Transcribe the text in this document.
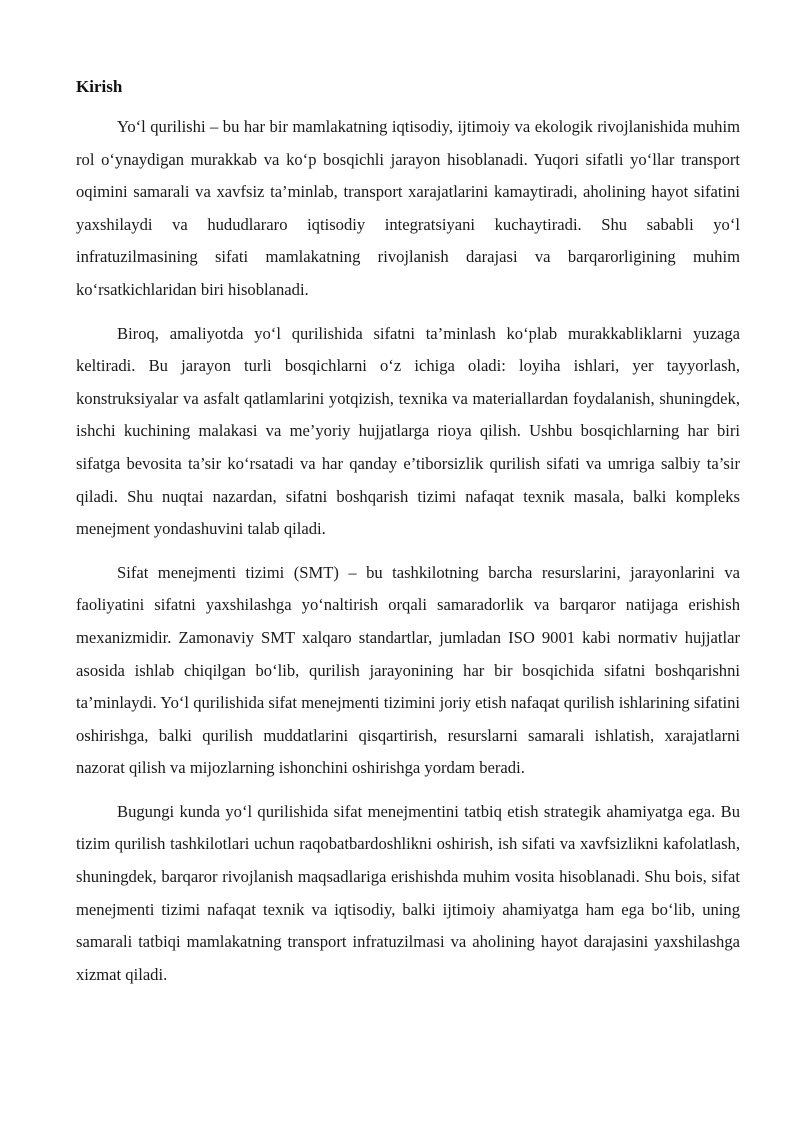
Kirish

Yo‘l qurilishi – bu har bir mamlakatning iqtisodiy, ijtimoiy va ekologik rivojlanishida muhim rol o‘ynaydigan murakkab va ko‘p bosqichli jarayon hisoblanadi. Yuqori sifatli yo‘llar transport oqimini samarali va xavfsiz ta’minlab, transport xarajatlarini kamaytiradi, aholining hayot sifatini yaxshilaydi va hududlararo iqtisodiy integratsiyani kuchaytiradi. Shu sababli yo‘l infratuzilmasining sifati mamlakatning rivojlanish darajasi va barqarorligining muhim ko‘rsatkichlaridan biri hisoblanadi.

Biroq, amaliyotda yo‘l qurilishida sifatni ta’minlash ko‘plab murakkabliklarni yuzaga keltiradi. Bu jarayon turli bosqichlarni o‘z ichiga oladi: loyiha ishlari, yer tayyorlash, konstruksiyalar va asfalt qatlamlarini yotqizish, texnika va materiallardan foydalanish, shuningdek, ishchi kuchining malakasi va me’yoriy hujjatlarga rioya qilish. Ushbu bosqichlarning har biri sifatga bevosita ta’sir ko‘rsatadi va har qanday e’tiborsizlik qurilish sifati va umriga salbiy ta’sir qiladi. Shu nuqtai nazardan, sifatni boshqarish tizimi nafaqat texnik masala, balki kompleks menejment yondashuvini talab qiladi.

Sifat menejmenti tizimi (SMT) – bu tashkilotning barcha resurslarini, jarayonlarini va faoliyatini sifatni yaxshilashga yo‘naltirish orqali samaradorlik va barqaror natijaga erishish mexanizmidir. Zamonaviy SMT xalqaro standartlar, jumladan ISO 9001 kabi normativ hujjatlar asosida ishlab chiqilgan bo‘lib, qurilish jarayonining har bir bosqichida sifatni boshqarishni ta’minlaydi. Yo‘l qurilishida sifat menejmenti tizimini joriy etish nafaqat qurilish ishlarining sifatini oshirishga, balki qurilish muddatlarini qisqartirish, resurslarni samarali ishlatish, xarajatlarni nazorat qilish va mijozlarning ishonchini oshirishga yordam beradi.

Bugungi kunda yo‘l qurilishida sifat menejmentini tatbiq etish strategik ahamiyatga ega. Bu tizim qurilish tashkilotlari uchun raqobatbardoshlikni oshirish, ish sifati va xavfsizlikni kafolatlash, shuningdek, barqaror rivojlanish maqsadlariga erishishda muhim vosita hisoblanadi. Shu bois, sifat menejmenti tizimi nafaqat texnik va iqtisodiy, balki ijtimoiy ahamiyatga ham ega bo‘lib, uning samarali tatbiqi mamlakatning transport infratuzilmasi va aholining hayot darajasini yaxshilashga xizmat qiladi.
